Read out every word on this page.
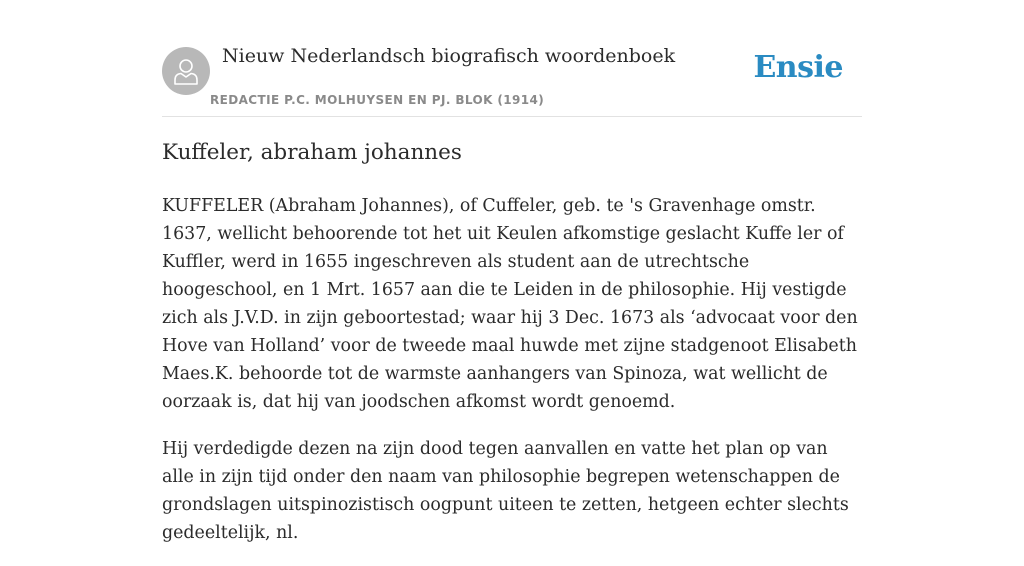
Nieuw Nederlandsch biografisch woordenboek
REDACTIE P.C. MOLHUYSEN EN PJ. BLOK (1914)
Ensie
Kuffeler, abraham johannes

KUFFELER (Abraham Johannes), of Cuffeler, geb. te 's Gravenhage omstr. 1637, wellicht behoorende tot het uit Keulen afkomstige geslacht Kuffe ler of Kuffler, werd in 1655 ingeschreven als student aan de utrechtsche hoogeschool, en 1 Mrt. 1657 aan die te Leiden in de philosophie. Hij vestigde zich als J.V.D. in zijn geboortestad; waar hij 3 Dec. 1673 als ‘advocaat voor den Hove van Holland’ voor de tweede maal huwde met zijne stadgenoot Elisabeth Maes.K. behoorde tot de warmste aanhangers van Spinoza, wat wellicht de oorzaak is, dat hij van joodschen afkomst wordt genoemd.

Hij verdedigde dezen na zijn dood tegen aanvallen en vatte het plan op van alle in zijn tijd onder den naam van philosophie begrepen wetenschappen de grondslagen uitspinozistisch oogpunt uiteen te zetten, hetgeen echter slechts gedeeltelijk, nl.
